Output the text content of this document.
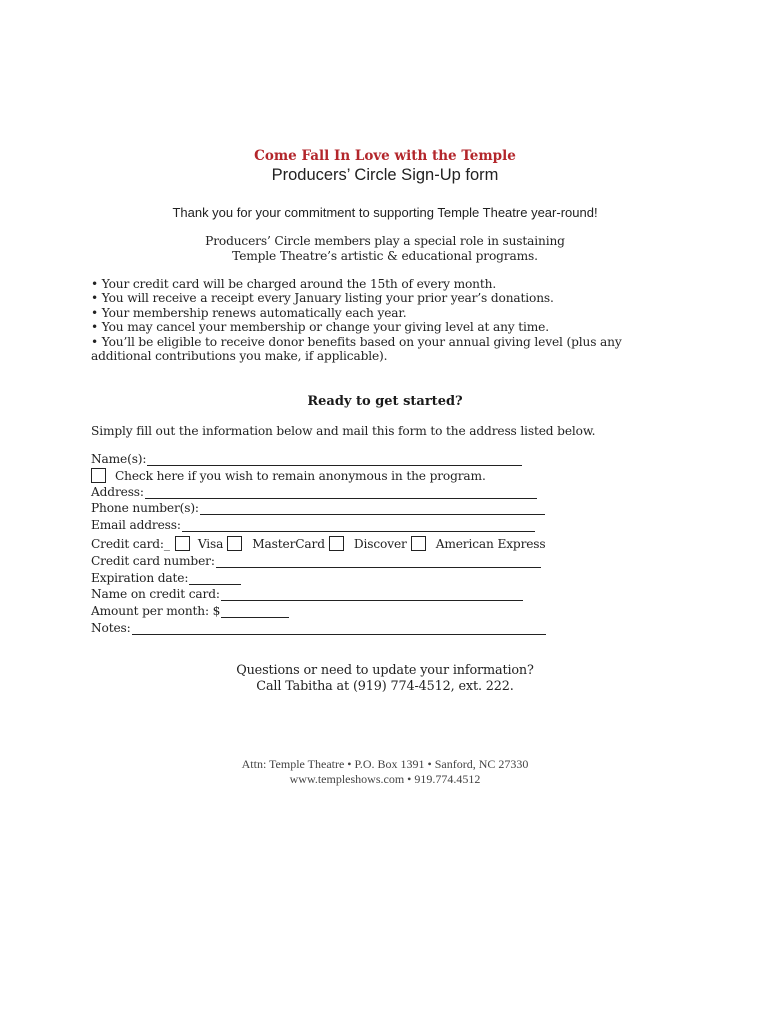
Come Fall In Love with the Temple
Producers’ Circle Sign-Up form
Thank you for your commitment to supporting Temple Theatre year-round!
Producers’ Circle members play a special role in sustaining
Temple Theatre’s artistic & educational programs.
• Your credit card will be charged around the 15th of every month.
• You will receive a receipt every January listing your prior year’s donations.
• Your membership renews automatically each year.
• You may cancel your membership or change your giving level at any time.
• You’ll be eligible to receive donor benefits based on your annual giving level (plus any
additional contributions you make, if applicable).
Ready to get started?
Simply fill out the information below and mail this form to the address listed below.
Name(s):
Check here if you wish to remain anonymous in the program.
Address:
Phone number(s):
Email address:
Credit card:_ Visa MasterCard Discover American Express
Credit card number:
Expiration date:
Name on credit card:
Amount per month: $
Notes:
Questions or need to update your information?
Call Tabitha at (919) 774-4512, ext. 222.
Attn: Temple Theatre • P.O. Box 1391 • Sanford, NC 27330
www.templeshows.com • 919.774.4512
